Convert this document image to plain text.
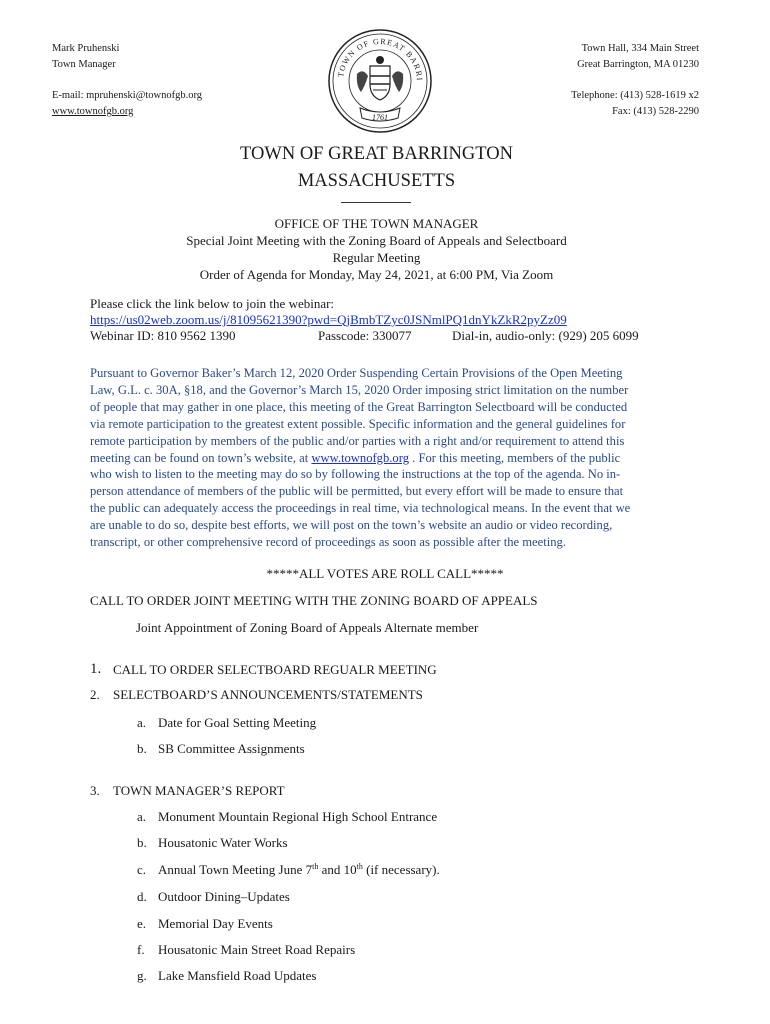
Mark Pruhenski
Town Manager
E-mail: mpruhenski@townofgb.org
www.townofgb.org
Town Hall, 334 Main Street
Great Barrington, MA 01230
Telephone: (413) 528-1619 x2
Fax: (413) 528-2290
TOWN OF GREAT BARRI
1761
TOWN OF GREAT BARRINGTON
MASSACHUSETTS
OFFICE OF THE TOWN MANAGER
Special Joint Meeting with the Zoning Board of Appeals and Selectboard
Regular Meeting
Order of Agenda for Monday, May 24, 2021, at 6:00 PM, Via Zoom
Please click the link below to join the webinar:
https://us02web.zoom.us/j/81095621390?pwd=QjBmbTZyc0JSNmlPQ1dnYkZkR2pyZz09
Webinar ID: 810 9562 1390	Passcode: 330077	Dial-in, audio-only: (929) 205 6099
Pursuant to Governor Baker’s March 12, 2020 Order Suspending Certain Provisions of the Open Meeting
Law, G.L. c. 30A, §18, and the Governor’s March 15, 2020 Order imposing strict limitation on the number
of people that may gather in one place, this meeting of the Great Barrington Selectboard will be conducted
via remote participation to the greatest extent possible. Specific information and the general guidelines for
remote participation by members of the public and/or parties with a right and/or requirement to attend this
meeting can be found on town’s website, at www.townofgb.org . For this meeting, members of the public
who wish to listen to the meeting may do so by following the instructions at the top of the agenda. No in-
person attendance of members of the public will be permitted, but every effort will be made to ensure that
the public can adequately access the proceedings in real time, via technological means. In the event that we
are unable to do so, despite best efforts, we will post on the town’s website an audio or video recording,
transcript, or other comprehensive record of proceedings as soon as possible after the meeting.
*****ALL VOTES ARE ROLL CALL*****
CALL TO ORDER JOINT MEETING WITH THE ZONING BOARD OF APPEALS
Joint Appointment of Zoning Board of Appeals Alternate member
1. CALL TO ORDER SELECTBOARD REGUALR MEETING
2. SELECTBOARD’S ANNOUNCEMENTS/STATEMENTS
a. Date for Goal Setting Meeting
b. SB Committee Assignments
3. TOWN MANAGER’S REPORT
a. Monument Mountain Regional High School Entrance
b. Housatonic Water Works
c. Annual Town Meeting June 7th and 10th (if necessary).
d. Outdoor Dining–Updates
e. Memorial Day Events
f. Housatonic Main Street Road Repairs
g. Lake Mansfield Road Updates
